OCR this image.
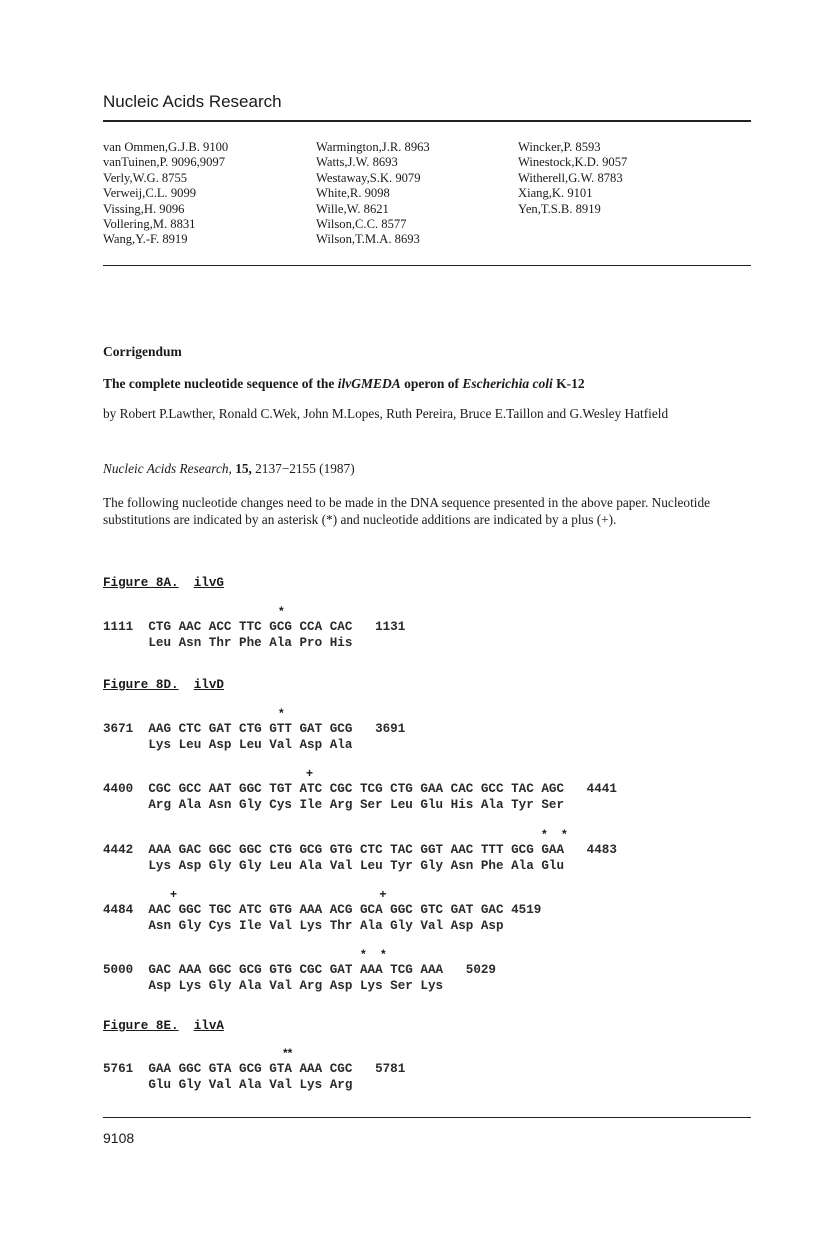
Nucleic Acids Research
van Ommen,G.J.B. 9100
vanTuinen,P. 9096,9097
Verly,W.G. 8755
Verweij,C.L. 9099
Vissing,H. 9096
Vollering,M. 8831
Wang,Y.-F. 8919
Warmington,J.R. 8963
Watts,J.W. 8693
Westaway,S.K. 9079
White,R. 9098
Wille,W. 8621
Wilson,C.C. 8577
Wilson,T.M.A. 8693
Wincker,P. 8593
Winestock,K.D. 9057
Witherell,G.W. 8783
Xiang,K. 9101
Yen,T.S.B. 8919
Corrigendum
The complete nucleotide sequence of the ilvGMEDA operon of Escherichia coli K-12
by Robert P.Lawther, Ronald C.Wek, John M.Lopes, Ruth Pereira, Bruce E.Taillon and G.Wesley Hatfield
Nucleic Acids Research, 15, 2137−2155 (1987)
The following nucleotide changes need to be made in the DNA sequence presented in the above paper. Nucleotide substitutions are indicated by an asterisk (*) and nucleotide additions are indicated by a plus (+).
Figure 8A. ilvG
*
1111  CTG AAC ACC TTC GCG CCA CAC   1131
Leu Asn Thr Phe Ala Pro His
Figure 8D. ilvD
*
3671  AAG CTC GAT CTG GTT GAT GCG   3691
Lys Leu Asp Leu Val Asp Ala
+
4400  CGC GCC AAT GGC TGT ATC CGC TCG CTG GAA CAC GCC TAC AGC   4441
Arg Ala Asn Gly Cys Ile Arg Ser Leu Glu His Ala Tyr Ser
* *
4442  AAA GAC GGC GGC CTG GCG GTG CTC TAC GGT AAC TTT GCG GAA   4483
Lys Asp Gly Gly Leu Ala Val Leu Tyr Gly Asn Phe Ala Glu
+ +
4484  AAC GGC TGC ATC GTG AAA ACG GCA GGC GTC GAT GAC 4519
Asn Gly Cys Ile Val Lys Thr Ala Gly Val Asp Asp
* *
5000  GAC AAA GGC GCG GTG CGC GAT AAA TCG AAA   5029
Asp Lys Gly Ala Val Arg Asp Lys Ser Lys
Figure 8E. ilvA
**
5761  GAA GGC GTA GCG GTA AAA CGC   5781
Glu Gly Val Ala Val Lys Arg
9108
